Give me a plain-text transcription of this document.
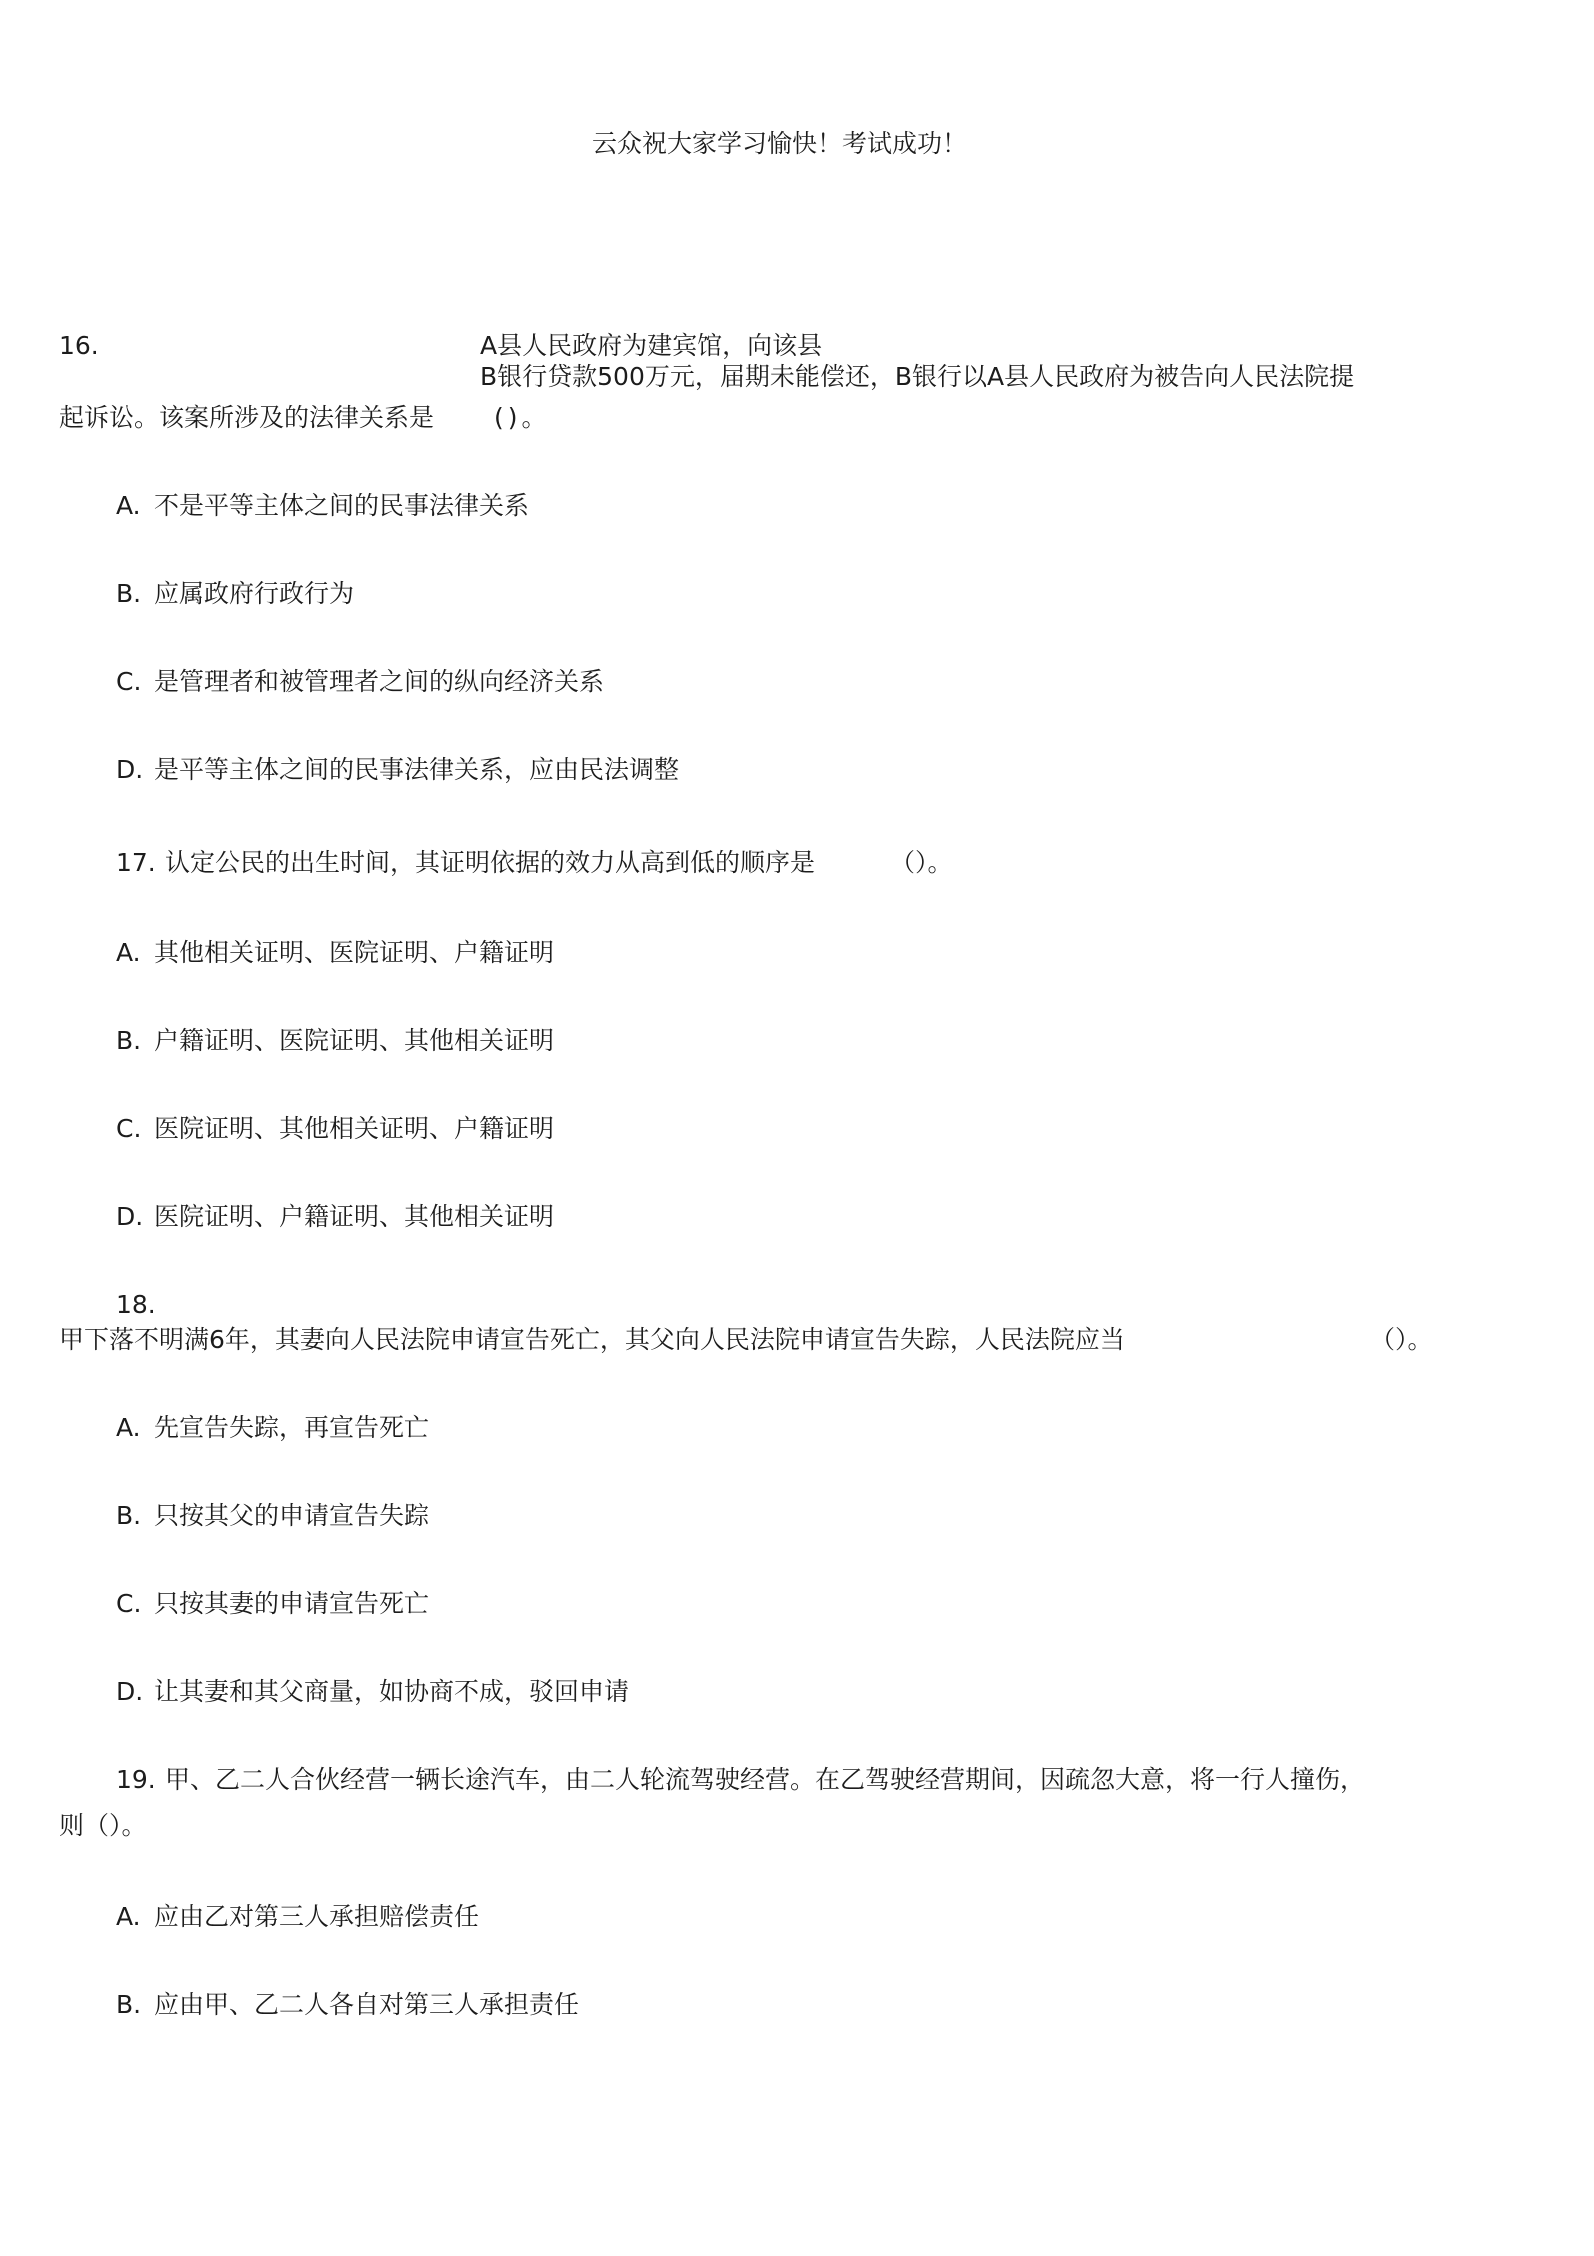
云众祝大家学习愉快！考试成功！

16.	A县人民政府为建宾馆，向该县

B银行贷款500万元，届期未能偿还，B银行以A县人民政府为被告向人民法院提

起诉讼。该案所涉及的法律关系是 ()。

A. 不是平等主体之间的民事法律关系

B. 应属政府行政行为

C. 是管理者和被管理者之间的纵向经济关系

D. 是平等主体之间的民事法律关系，应由民法调整

17. 认定公民的出生时间，其证明依据的效力从高到低的顺序是	（）。

A. 其他相关证明、医院证明、户籍证明

B. 户籍证明、医院证明、其他相关证明

C. 医院证明、其他相关证明、户籍证明

D. 医院证明、户籍证明、其他相关证明

18.

甲下落不明满6年，其妻向人民法院申请宣告死亡，其父向人民法院申请宣告失踪，人民法院应当	（）。

A. 先宣告失踪，再宣告死亡

B. 只按其父的申请宣告失踪

C. 只按其妻的申请宣告死亡

D. 让其妻和其父商量，如协商不成，驳回申请

19. 甲、乙二人合伙经营一辆长途汽车，由二人轮流驾驶经营。在乙驾驶经营期间，因疏忽大意，将一行人撞伤，

则（）。

A. 应由乙对第三人承担赔偿责任

B. 应由甲、乙二人各自对第三人承担责任
